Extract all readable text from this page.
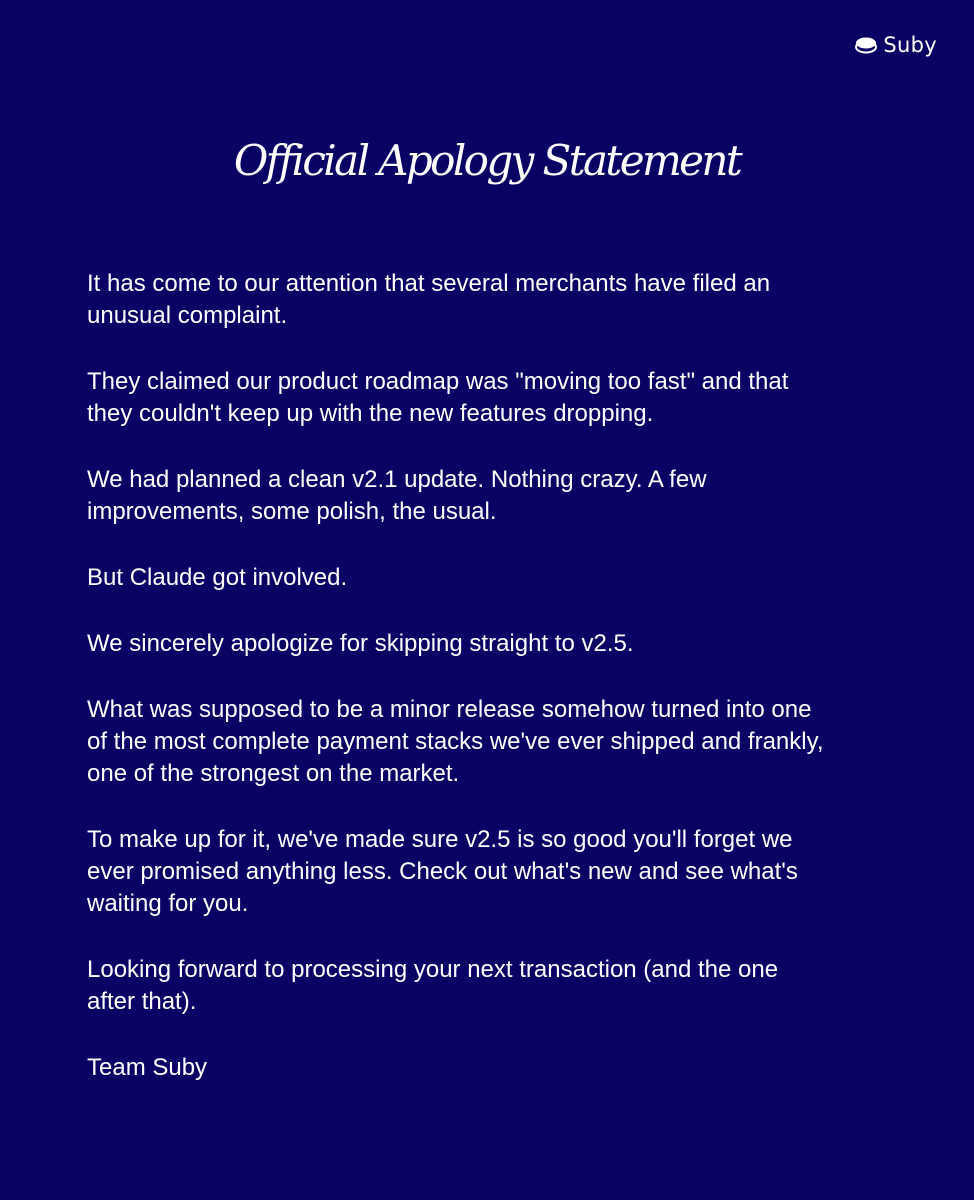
Suby
Official Apology Statement

It has come to our attention that several merchants have filed an
unusual complaint.

They claimed our product roadmap was "moving too fast" and that
they couldn't keep up with the new features dropping.

We had planned a clean v2.1 update. Nothing crazy. A few
improvements, some polish, the usual.

But Claude got involved.

We sincerely apologize for skipping straight to v2.5.

What was supposed to be a minor release somehow turned into one
of the most complete payment stacks we've ever shipped and frankly,
one of the strongest on the market.

To make up for it, we've made sure v2.5 is so good you'll forget we
ever promised anything less. Check out what's new and see what's
waiting for you.

Looking forward to processing your next transaction (and the one
after that).

Team Suby
